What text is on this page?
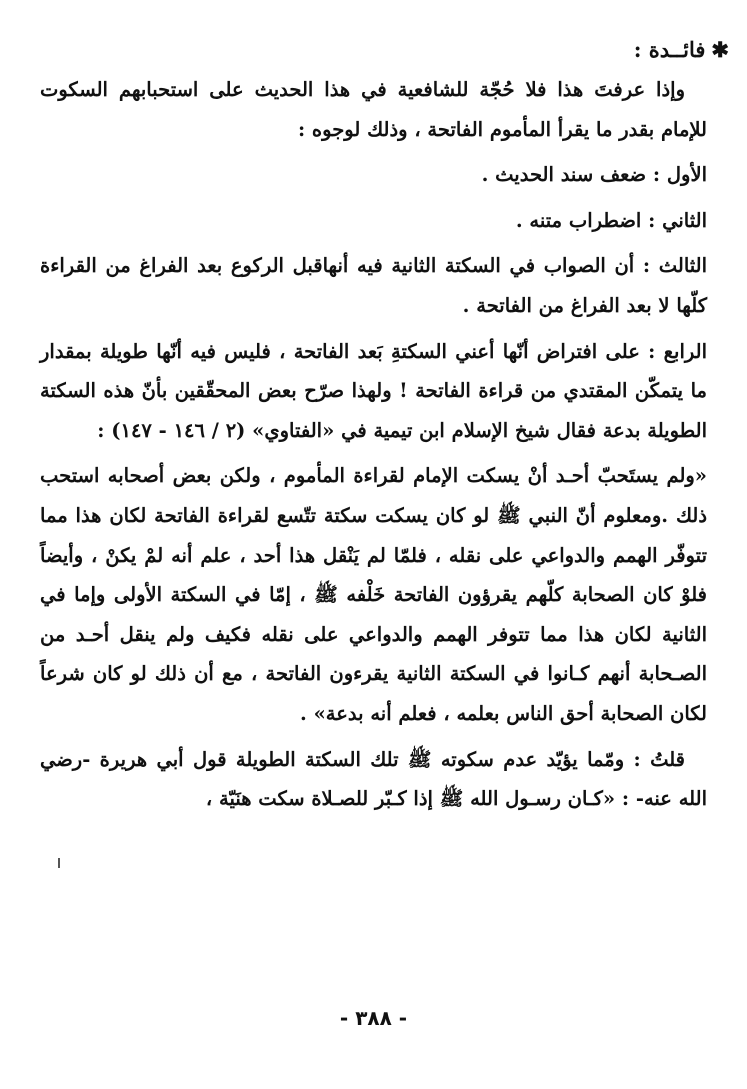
✱فائــدة :

وإذا عرفتَ هذا فلا حُجّة للشافعية في هذا الحديث على استحبابهم السكوت للإمام بقدر ما يقرأ المأموم الفاتحة ، وذلك لوجوه :

الأول : ضعف سند الحديث .

الثاني : اضطراب متنه .

الثالث : أن الصواب في السكتة الثانية فيه أنهاقبل الركوع بعد الفراغ من القراءة كلّها لا بعد الفراغ من الفاتحة .

الرابع : على افتراض أنّها أعني السكتةِ بَعد الفاتحة ، فليس فيه أنّها طويلة بمقدار ما يتمكّن المقتدي من قراءة الفاتحة ! ولهذا صرّح بعض المحقّقين بأنّ هذه السكتة الطويلة بدعة فقال شيخ الإسلام ابن تيمية في «الفتاوي» (٢ / ١٤٦ - ١٤٧) :

«ولم يستَحبّ أحـد أنْ يسكت الإمام لقراءة المأموم ، ولكن بعض أصحابه استحب ذلك .ومعلوم أنّ النبي ﷺ لو كان يسكت سكتة تتّسع لقراءة الفاتحة لكان هذا مما تتوفّر الهمم والدواعي على نقله ، فلمّا لم يَنْقل هذا أحد ، علم أنه لمْ يكنْ ، وأيضاً فلوْ كان الصحابة كلّهم يقرؤون الفاتحة خَلْفه ﷺ ، إمّا في السكتة الأولى وإما في الثانية لكان هذا مما تتوفر الهمم والدواعي على نقله فكيف ولم ينقل أحـد من الصـحابة أنهم كـانوا في السكتة الثانية يقرءون الفاتحة ، مع أن ذلك لو كان شرعاً لكان الصحابة أحق الناس بعلمه ، فعلم أنه بدعة» .

قلتُ : ومّما يؤيّد عدم سكوته ﷺ تلك السكتة الطويلة قول أبي هريرة -رضي الله عنه- : «كـان رسـول الله ﷺ إذا كـبّر للصـلاة سكت هنَيّة ،

- ٣٨٨ -
